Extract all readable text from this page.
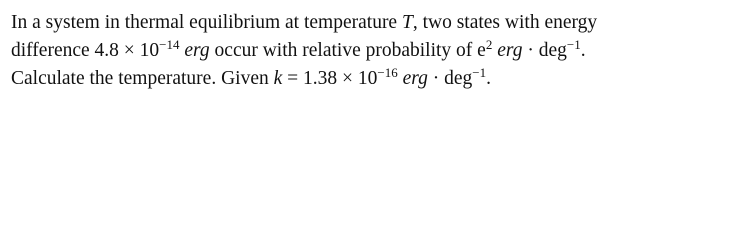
In a system in thermal equilibrium at temperature T, two states with energy
difference $4.8 \times 10^{-14}$ erg occur with relative probability of $e^2$ erg · deg$^{-1}$.
Calculate the temperature. Given $k = 1.38 \times 10^{-16}$ erg · deg$^{-1}$.
